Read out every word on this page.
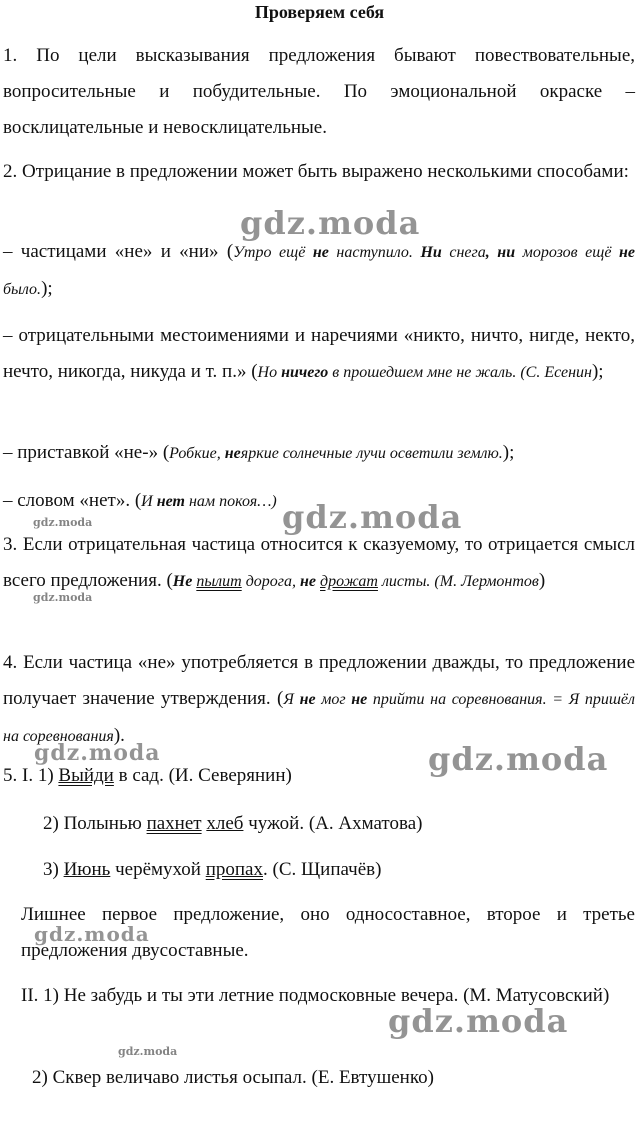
Проверяем себя
1. По цели высказывания предложения бывают повествовательные, вопросительные и побудительные. По эмоциональной окраске – восклицательные и невосклицательные.
2. Отрицание в предложении может быть выражено несколькими способами:
– частицами «не» и «ни» (Утро ещё не наступило. Ни снега, ни морозов ещё не было.);
– отрицательными местоимениями и наречиями «никто, ничто, нигде, некто, нечто, никогда, никуда и т. п.» (Но ничего в прошедшем мне не жаль. (С. Есенин);
– приставкой «не-» (Робкие, неяркие солнечные лучи осветили землю.);
– словом «нет». (И нет нам покоя…)
3. Если отрицательная частица относится к сказуемому, то отрицается смысл всего предложения. (Не пылит дорога, не дрожат листы. (М. Лермонтов)
4. Если частица «не» употребляется в предложении дважды, то предложение получает значение утверждения. (Я не мог не прийти на соревнования. = Я пришёл на соревнования).
5. I. 1) Выйди в сад. (И. Северянин)
2) Полынью пахнет хлеб чужой. (А. Ахматова)
3) Июнь черёмухой пропах. (С. Щипачёв)
Лишнее первое предложение, оно односоставное, второе и третье предложения двусоставные.
II. 1) Не забудь и ты эти летние подмосковные вечера. (М. Матусовский)
2) Сквер величаво листья осыпал. (Е. Евтушенко)
gdz.moda
gdz.moda
gdz.moda
gdz.moda
gdz.moda
gdz.moda
gdz.moda
gdz.moda
gdz.moda
